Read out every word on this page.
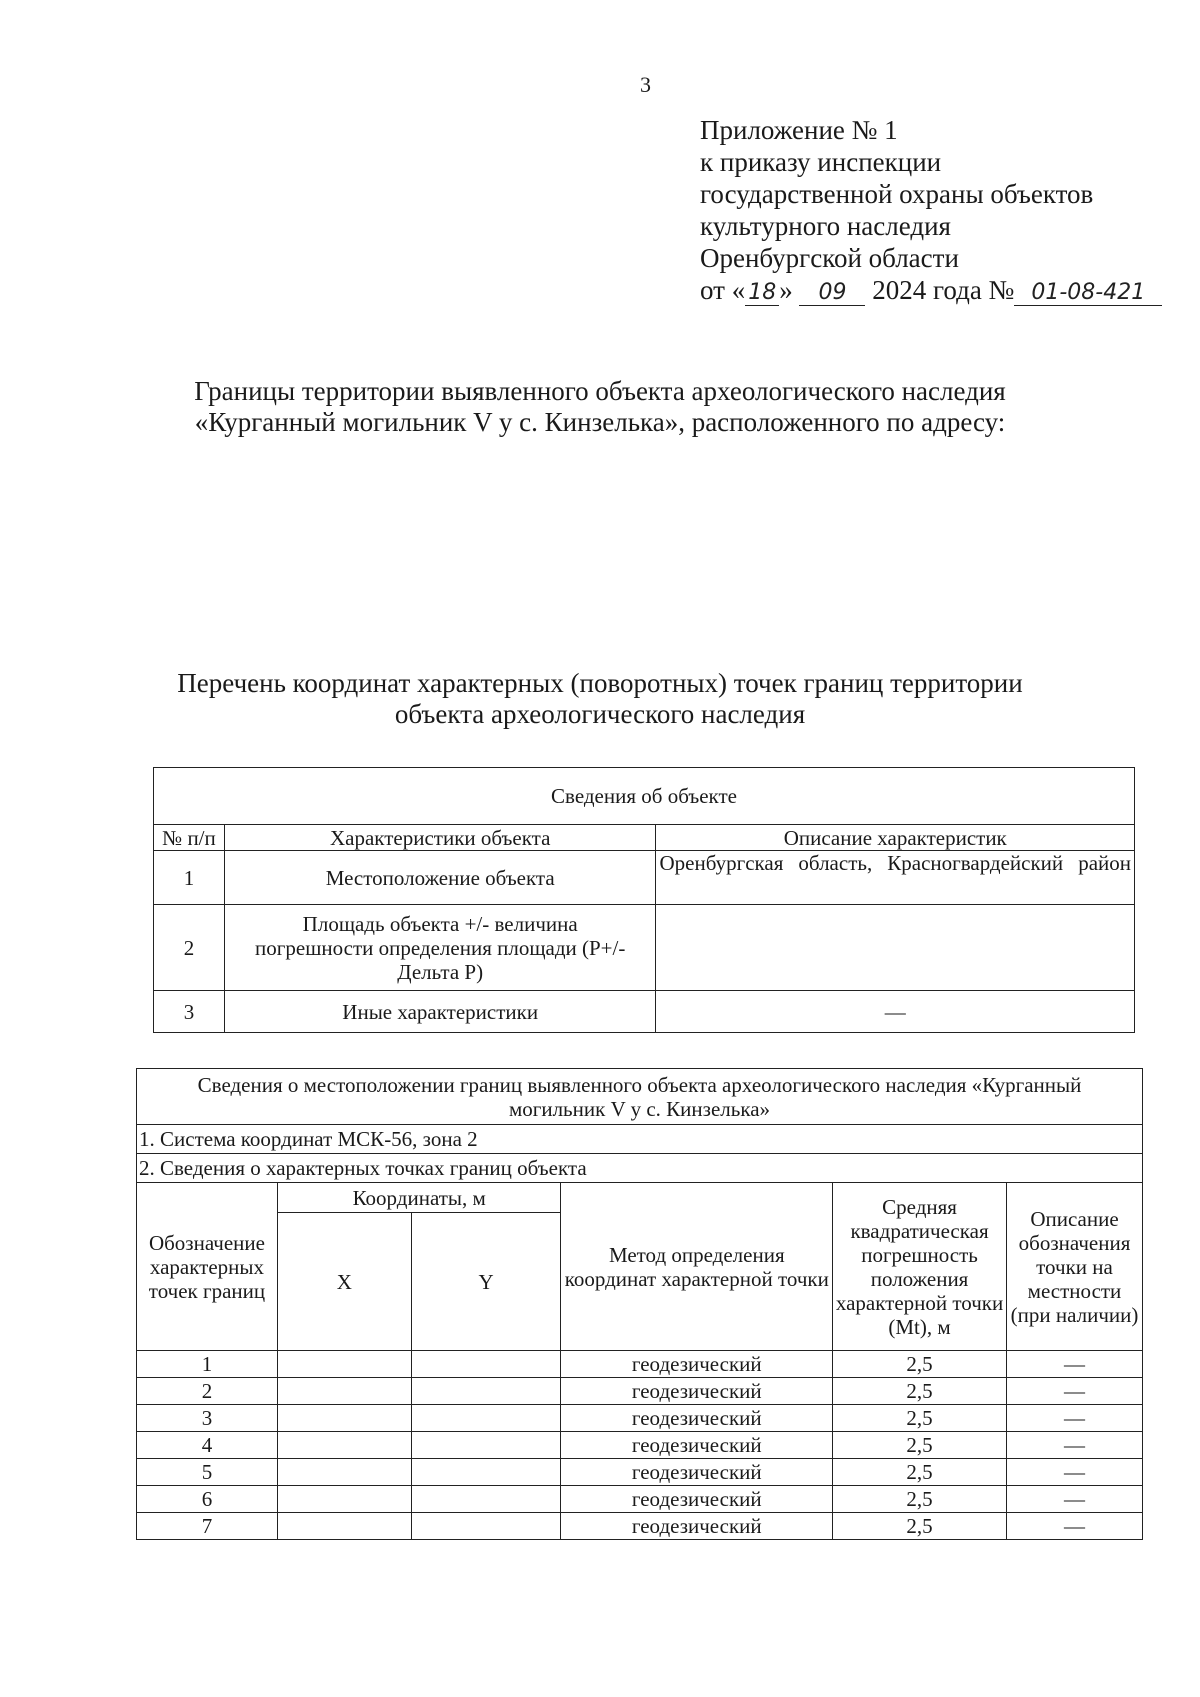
3
Приложение № 1
к приказу инспекции
государственной охраны объектов
культурного наследия
Оренбургской области
от « 18 » 09 2024 года № 01-08-421
Границы территории выявленного объекта археологического наследия
«Курганный могильник V у с. Кинзелька», расположенного по адресу:
Перечень координат характерных (поворотных) точек границ территории
объекта археологического наследия
Сведения об объекте		
№ п/п	Характеристики объекта	Описание характеристик
1	Местоположение объекта	Оренбургская область, Красногвардейский район
2	Площадь объекта +/- величина погрешности определения площади (Р+/- Дельта Р)	
3	Иные характеристики	—
Сведения о местоположении границ выявленного объекта археологического наследия «Курганный могильник V у с. Кинзелька»					
1. Система координат МСК-56, зона 2					
2. Сведения о характерных точках границ объекта					
Обозначение характерных точек границ	Координаты, м		Метод определения координат характерной точки	Средняя квадратическая погрешность положения характерной точки (Mt), м	Описание обозначения точки на местности (при наличии)
	X	Y			
1			геодезический	2,5	—
2			геодезический	2,5	—
3			геодезический	2,5	—
4			геодезический	2,5	—
5			геодезический	2,5	—
6			геодезический	2,5	—
7			геодезический	2,5	—
